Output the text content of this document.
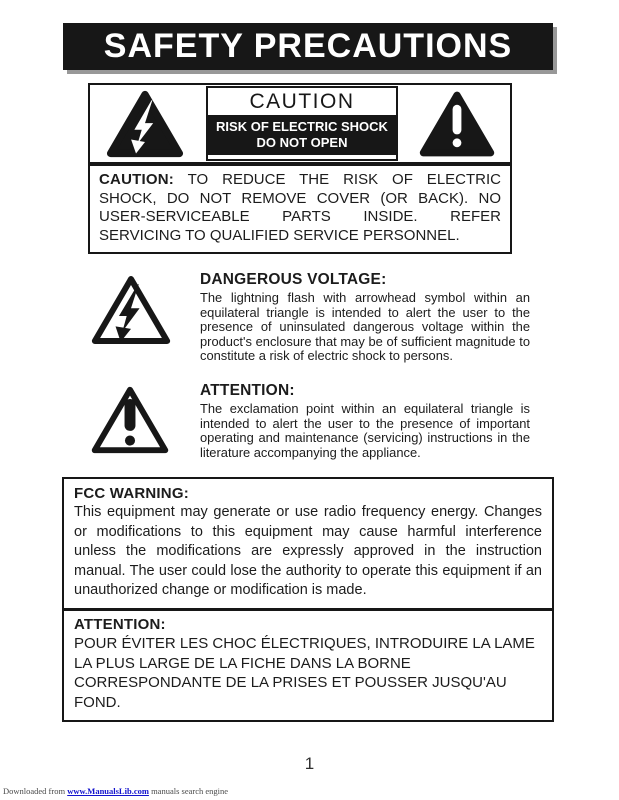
SAFETY PRECAUTIONS
CAUTION
RISK OF ELECTRIC SHOCK
DO NOT OPEN
CAUTION: TO REDUCE THE RISK OF ELECTRIC SHOCK, DO NOT REMOVE COVER (OR BACK). NO USER-SERVICEABLE PARTS INSIDE. REFER SERVICING TO QUALIFIED SERVICE PERSONNEL.
DANGEROUS VOLTAGE:

The lightning flash with arrowhead symbol within an equilateral triangle is intended to alert the user to the presence of uninsulated dangerous voltage within the product's enclosure that may be of sufficient magnitude to constitute a risk of electric shock to persons.

ATTENTION:

The exclamation point within an equilateral triangle is intended to alert the user to the presence of important operating and maintenance (servicing) instructions in the literature accompanying the appliance.

FCC WARNING:

This equipment may generate or use radio frequency energy. Changes or modifications to this equipment may cause harmful interference unless the modifications are expressly approved in the instruction manual. The user could lose the authority to operate this equipment if an unauthorized change or modification is made.

ATTENTION:

POUR ÉVITER LES CHOC ÉLECTRIQUES, INTRODUIRE LA LAME LA PLUS LARGE DE LA FICHE DANS LA BORNE CORRESPONDANTE DE LA PRISES ET POUSSER JUSQU'AU FOND.

1
Downloaded from www.ManualsLib.com manuals search engine
